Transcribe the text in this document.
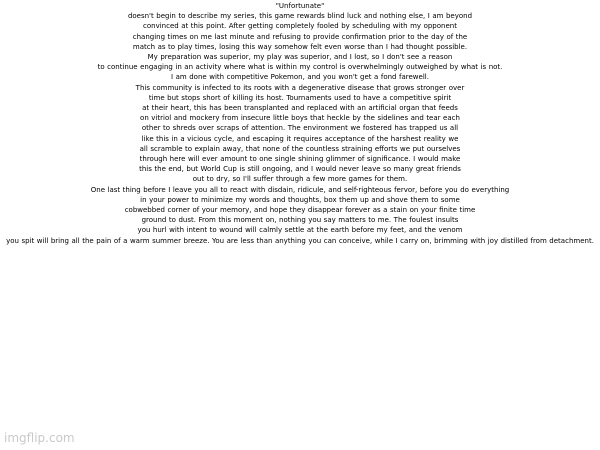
"Unfortunate"
doesn't begin to describe my series, this game rewards blind luck and nothing else, I am beyond
convinced at this point. After getting completely fooled by scheduling with my opponent
changing times on me last minute and refusing to provide confirmation prior to the day of the
match as to play times, losing this way somehow felt even worse than I had thought possible.
My preparation was superior, my play was superior, and I lost, so I don't see a reason
to continue engaging in an activity where what is within my control is overwhelmingly outweighed by what is not.
I am done with competitive Pokemon, and you won't get a fond farewell.
This community is infected to its roots with a degenerative disease that grows stronger over
time but stops short of killing its host. Tournaments used to have a competitive spirit
at their heart, this has been transplanted and replaced with an artificial organ that feeds
on vitriol and mockery from insecure little boys that heckle by the sidelines and tear each
other to shreds over scraps of attention. The environment we fostered has trapped us all
like this in a vicious cycle, and escaping it requires acceptance of the harshest reality we
all scramble to explain away, that none of the countless straining efforts we put ourselves
through here will ever amount to one single shining glimmer of significance. I would make
this the end, but World Cup is still ongoing, and I would never leave so many great friends
out to dry, so I'll suffer through a few more games for them.
One last thing before I leave you all to react with disdain, ridicule, and self-righteous fervor, before you do everything
in your power to minimize my words and thoughts, box them up and shove them to some
cobwebbed corner of your memory, and hope they disappear forever as a stain on your finite time
ground to dust. From this moment on, nothing you say matters to me. The foulest insults
you hurl with intent to wound will calmly settle at the earth before my feet, and the venom
you spit will bring all the pain of a warm summer breeze. You are less than anything you can conceive, while I carry on, brimming with joy distilled from detachment.
imgflip.com
